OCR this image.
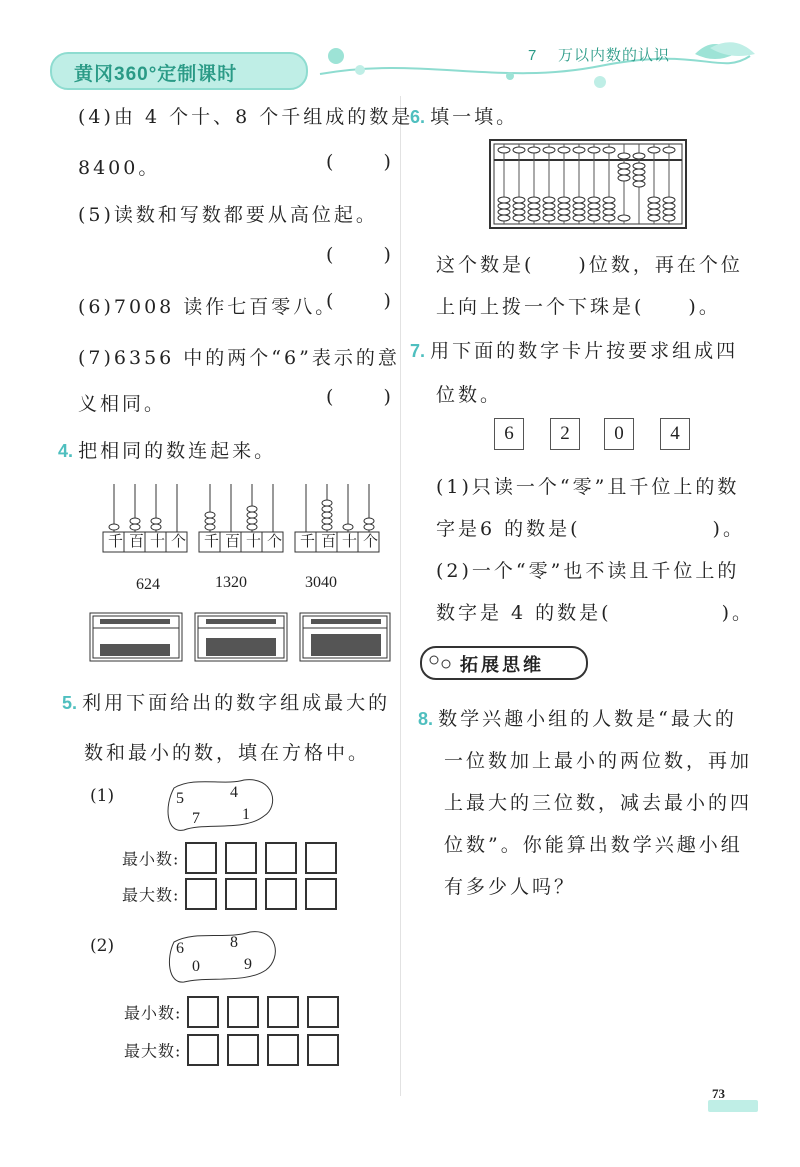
黄冈360°定制课时
7 万以内数的认识
(4)由 4 个十、8 个千组成的数是
8400。	( )
(5)读数和写数都要从高位起。
( )
(6)7008 读作七百零八。
( )
(7)6356 中的两个“6”表示的意
义相同。	( )
4. 把相同的数连起来。
千 百 十 个 千 百 十 个 千 百 十 个
624	1320	3040
5. 利用下面给出的数字组成最大的
数和最小的数，填在方格中。
(1)	5	4
7	1
最小数:
最大数:
(2)	6	8
0	9
最小数:
最大数:
6. 填一填。
这个数是(　　)位数，再在个位
上向上拨一个下珠是(　　)。
7. 用下面的数字卡片按要求组成四
位数。
6	2	0	4
(1)只读一个“零”且千位上的数
字是6 的数是(　　　　　　)。
(2)一个“零”也不读且千位上的
数字是 4 的数是(　　　　　)。
拓展思维
8. 数学兴趣小组的人数是“最大的
一位数加上最小的两位数，再加
上最大的三位数，减去最小的四
位数”。你能算出数学兴趣小组
有多少人吗？
73
